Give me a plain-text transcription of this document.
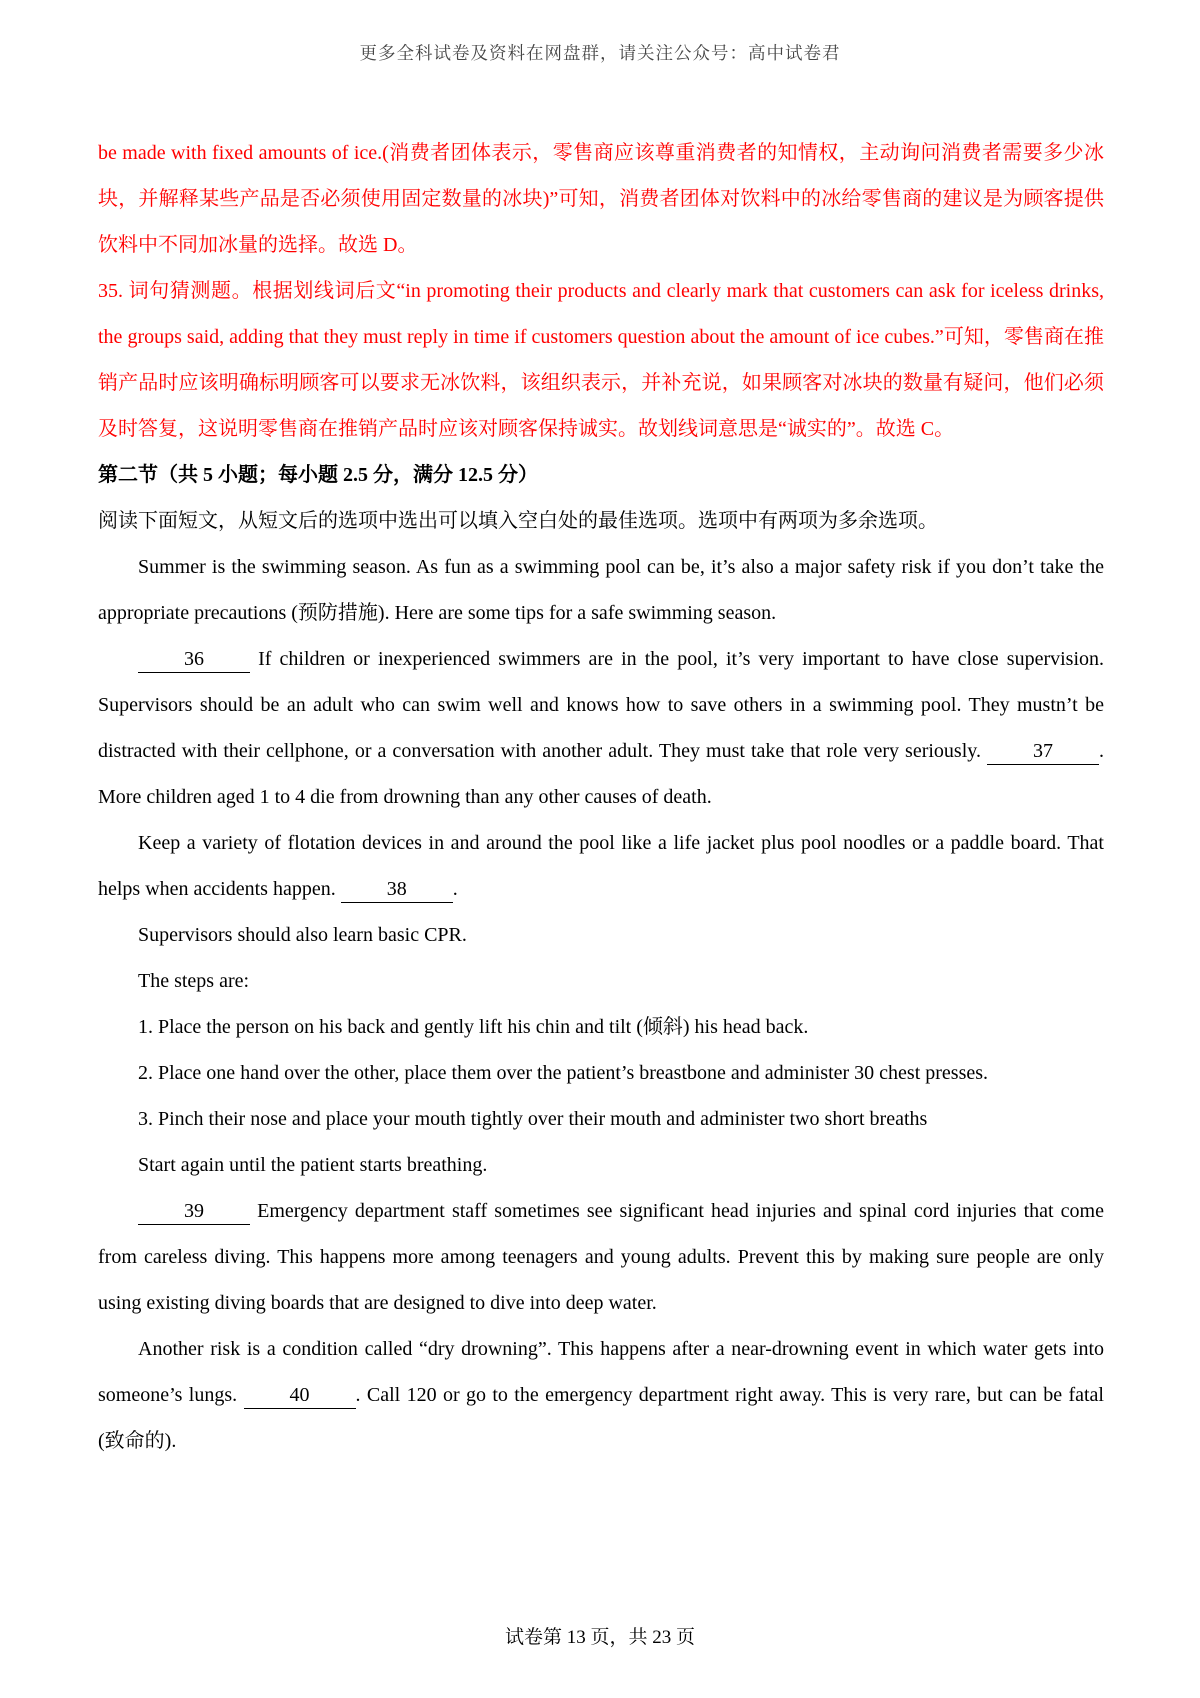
更多全科试卷及资料在网盘群，请关注公众号：高中试卷君

be made with fixed amounts of ice.(消费者团体表示，零售商应该尊重消费者的知情权，主动询问消费者需要多少冰块，并解释某些产品是否必须使用固定数量的冰块)”可知，消费者团体对饮料中的冰给零售商的建议是为顾客提供饮料中不同加冰量的选择。故选 D。

35. 词句猜测题。根据划线词后文“in promoting their products and clearly mark that customers can ask for iceless drinks, the groups said, adding that they must reply in time if customers question about the amount of ice cubes.”可知，零售商在推销产品时应该明确标明顾客可以要求无冰饮料，该组织表示，并补充说，如果顾客对冰块的数量有疑问，他们必须及时答复，这说明零售商在推销产品时应该对顾客保持诚实。故划线词意思是“诚实的”。故选 C。

第二节（共 5 小题；每小题 2.5 分，满分 12.5 分）

阅读下面短文，从短文后的选项中选出可以填入空白处的最佳选项。选项中有两项为多余选项。

Summer is the swimming season. As fun as a swimming pool can be, it’s also a major safety risk if you don’t take the appropriate precautions (预防措施). Here are some tips for a safe swimming season.

36 If children or inexperienced swimmers are in the pool, it’s very important to have close supervision. Supervisors should be an adult who can swim well and knows how to save others in a swimming pool. They mustn’t be distracted with their cellphone, or a conversation with another adult. They must take that role very seriously. 37 . More children aged 1 to 4 die from drowning than any other causes of death.

Keep a variety of flotation devices in and around the pool like a life jacket plus pool noodles or a paddle board. That helps when accidents happen. 38 .

Supervisors should also learn basic CPR.

The steps are:

1. Place the person on his back and gently lift his chin and tilt (倾斜) his head back.

2. Place one hand over the other, place them over the patient’s breastbone and administer 30 chest presses.

3. Pinch their nose and place your mouth tightly over their mouth and administer two short breaths

Start again until the patient starts breathing.

39 Emergency department staff sometimes see significant head injuries and spinal cord injuries that come from careless diving. This happens more among teenagers and young adults. Prevent this by making sure people are only using existing diving boards that are designed to dive into deep water.

Another risk is a condition called “dry drowning”. This happens after a near-drowning event in which water gets into someone’s lungs. 40 . Call 120 or go to the emergency department right away. This is very rare, but can be fatal (致命的).

试卷第 13 页，共 23 页
